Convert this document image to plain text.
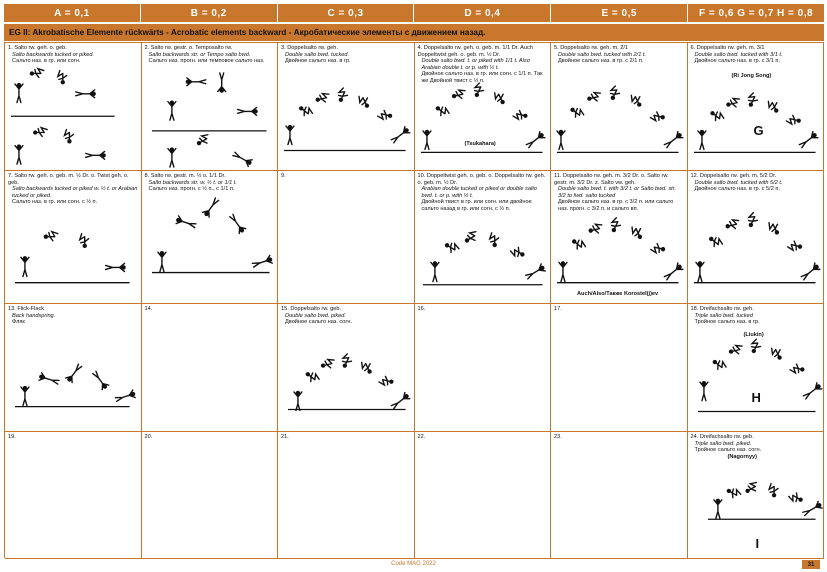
A = 0,1	B = 0,2	C = 0,3	D = 0,4	E = 0,5	F = 0,6 G = 0,7 H = 0,8
EG II: Akrobatische Elemente rückwärts - Acrobatic elements backward - Акробатические элементы с движением назад.
1. Salto rw. geh. o. geb.
Salto backwards tucked or piked.
Сальто наз. в гр. или согн.
2. Salto rw. gestr. o. Temposalto rw.
Salto backwards str. or Tempo salto bwd.
Сальто наз. прогн. или темповое сальто наз.
3. Doppelsalto rw. geh.
Double salto bwd. tucked.
Двойное сальто наз. в гр.
4. Doppelsalto rw. geh. o. geb. m. 1/1 Dr. Auch
Doppeltwist geh. o. geb. m. ½ Dr.
Double salto bwd. t. or piked with 1/1 t. Also
Arabian double t. or p. with ½ t.
Двойное сальто наз. в гр. или согн. с 1/1 п. Так
же Двойной твист с ½ п.
(Tsukahara)
5. Doppelsalto rw. geh. m. 2/1
Double salto bwd. tucked with 2/1 t.
Двойное сальто наз. в гр. с 2/1 п.
6. Doppelsalto rw. geh. m. 3/1
Double salto bwd. tucked with 3/1 t.
Двойное сальто наз. в гр. с 3/1 п.
(Ri Jong Song)
G
7. Salto rw. geh. o. geb. m. ½ Dr. o. Twist geh. o. geb.
Salto backwards tucked or piked w. ½ t. or Arabian tucked or piked.
Сальто наз. в гр. или согн. с ½ п.
8. Salto rw. gestr. m. ½ o. 1/1 Dr.
Salto backwards str. w. ½ t. or 1/1 t.
Сальто наз. прогн. с ½ п., с 1/1 п.
9.	10. Doppeltwist geh. o. geb. o. Doppelsalto rw. geh. o. geb. m. ½ Dr.
Arabian double tucked or piked or double salto bwd. t. or p. with ½ t.
Двойной твист в гр. или согн. или двойное сальто назад в гр. или согн. с ½ п.
11. Doppelsalto rw. geh. m. 3/2 Dr. o. Salto rw. gestr. m. 3/2 Dr. z. Salto vw. geh.
Double salto bwd. t. with 3/2 t. or Salto bwd. str. 3/2 to fwd. salto tucked
Двойное сальто наз. в гр. с 3/2 п. или сальто наз. прогн. с 3/2 п. и сальто вп.
Auch/Also/Также Korostel(j)ev
12. Doppelsalto rw. geh. m. 5/2 Dr.
Double salto bwd. tucked with 5/2 t.
Двойное сальто наз. в гр. с 5/2 п.
13. Flick-Flack
Back handspring.
Фляк
14.	15. Doppelsalto rw. geb.
Double salto bwd. piked.
Двойное сальто наз. согн.
16.	17.	18. Dreifachsalto rw. geh.
Triple salto bwd. tucked
Тройное сальто наз. в гр.
(Liukin)
H
19.	20.	21.	22.	23.	24. Dreifachsalto rw. geb.
Triple salto bwd. piked.
Тройное сальто наз. согн.
(Nagornyy)
I
Code MAG 2022	31
